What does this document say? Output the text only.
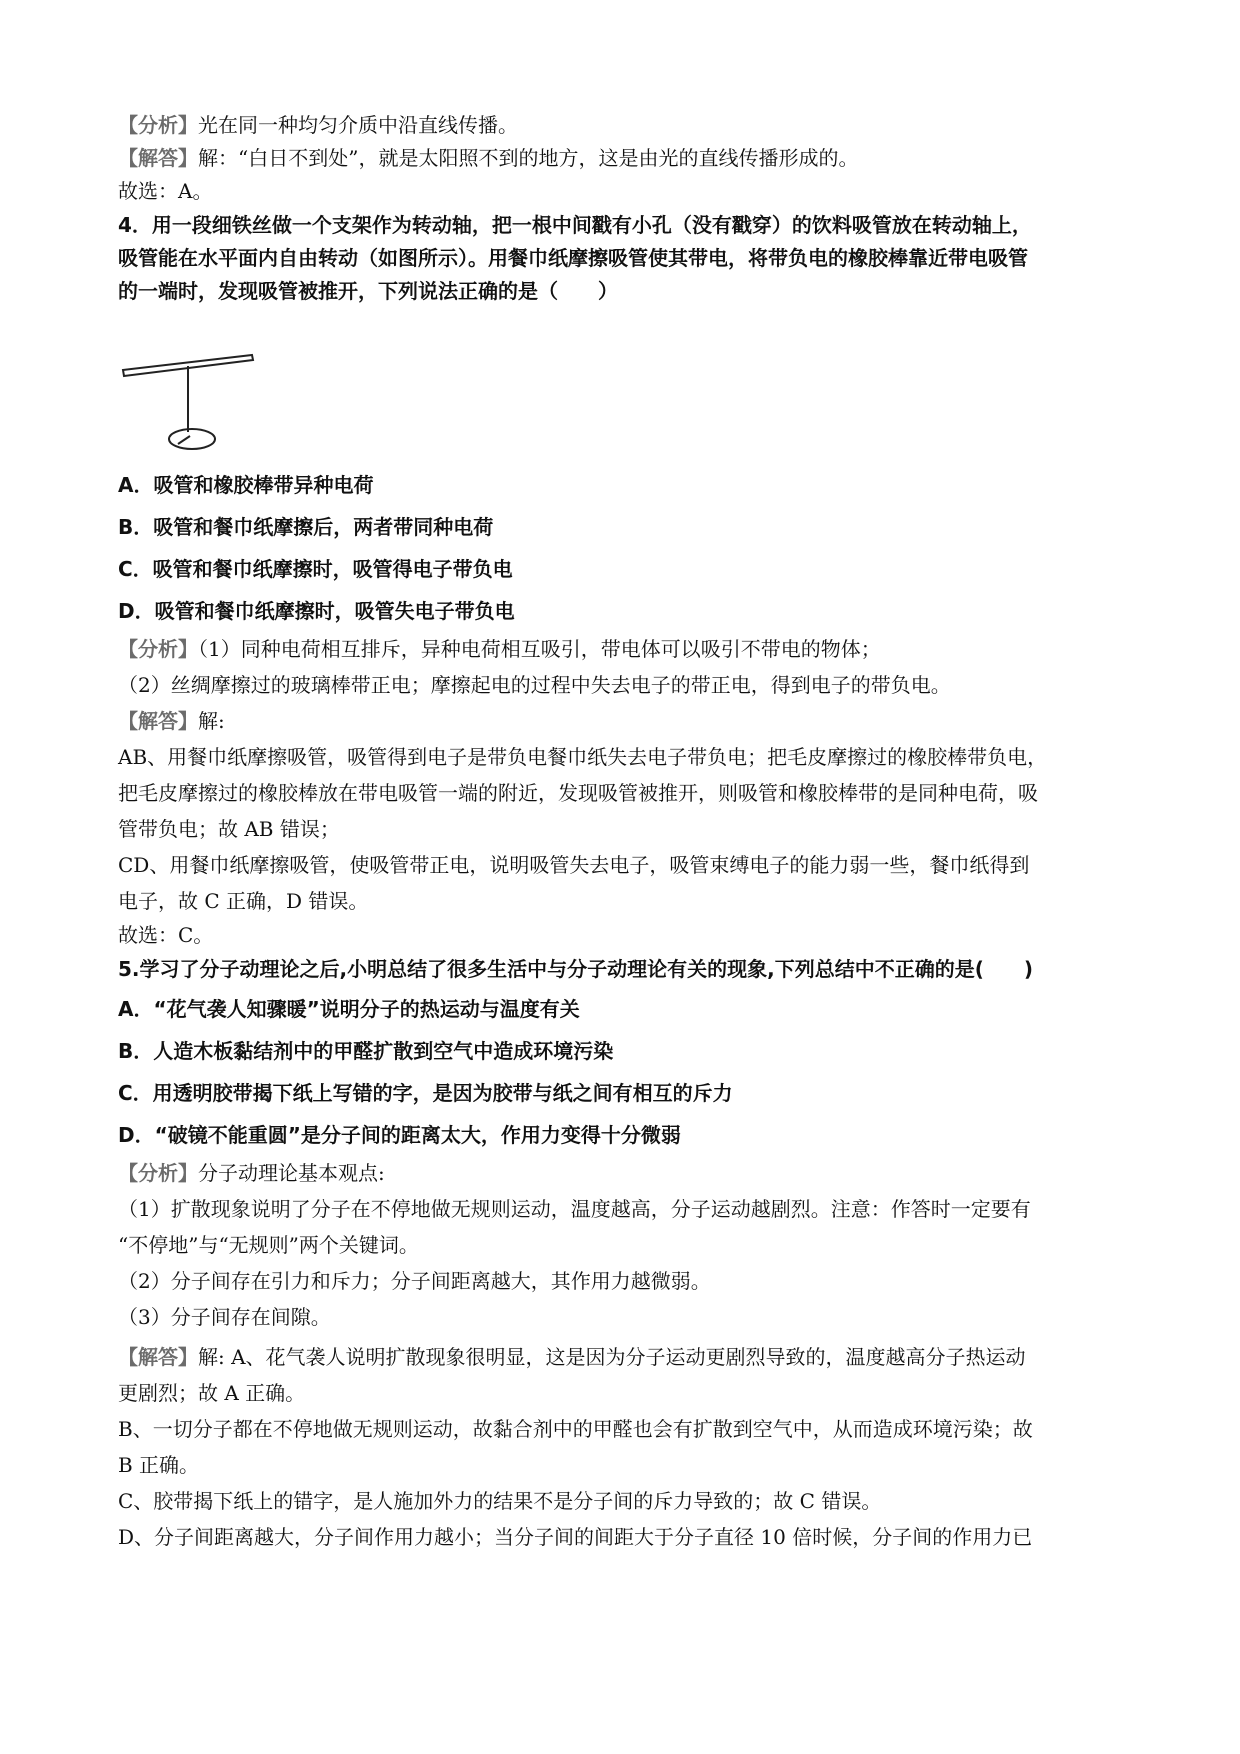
【分析】光在同一种均匀介质中沿直线传播。
【解答】解：“白日不到处”，就是太阳照不到的地方，这是由光的直线传播形成的。
故选：A。
4．用一段细铁丝做一个支架作为转动轴，把一根中间戳有小孔（没有戳穿）的饮料吸管放在转动轴上，
吸管能在水平面内自由转动（如图所示）。用餐巾纸摩擦吸管使其带电，将带负电的橡胶棒靠近带电吸管
的一端时，发现吸管被推开，下列说法正确的是（　　）
A．吸管和橡胶棒带异种电荷
B．吸管和餐巾纸摩擦后，两者带同种电荷
C．吸管和餐巾纸摩擦时，吸管得电子带负电
D．吸管和餐巾纸摩擦时，吸管失电子带负电
【分析】（1）同种电荷相互排斥，异种电荷相互吸引，带电体可以吸引不带电的物体；
（2）丝绸摩擦过的玻璃棒带正电；摩擦起电的过程中失去电子的带正电，得到电子的带负电。
【解答】解:
AB、用餐巾纸摩擦吸管，吸管得到电子是带负电餐巾纸失去电子带负电；把毛皮摩擦过的橡胶棒带负电，
把毛皮摩擦过的橡胶棒放在带电吸管一端的附近，发现吸管被推开，则吸管和橡胶棒带的是同种电荷，吸
管带负电；故 AB 错误；
CD、用餐巾纸摩擦吸管，使吸管带正电，说明吸管失去电子，吸管束缚电子的能力弱一些，餐巾纸得到
电子，故 C 正确，D 错误。
故选：C。
5.学习了分子动理论之后,小明总结了很多生活中与分子动理论有关的现象,下列总结中不正确的是(　　)
A．“花气袭人知骤暖”说明分子的热运动与温度有关
B．人造木板黏结剂中的甲醛扩散到空气中造成环境污染
C．用透明胶带揭下纸上写错的字，是因为胶带与纸之间有相互的斥力
D．“破镜不能重圆”是分子间的距离太大，作用力变得十分微弱
【分析】分子动理论基本观点:
（1）扩散现象说明了分子在不停地做无规则运动，温度越高，分子运动越剧烈。注意：作答时一定要有
“不停地”与“无规则”两个关键词。
（2）分子间存在引力和斥力；分子间距离越大，其作用力越微弱。
（3）分子间存在间隙。
【解答】解: A、花气袭人说明扩散现象很明显，这是因为分子运动更剧烈导致的，温度越高分子热运动
更剧烈；故 A 正确。
B、一切分子都在不停地做无规则运动，故黏合剂中的甲醛也会有扩散到空气中，从而造成环境污染；故
B 正确。
C、胶带揭下纸上的错字，是人施加外力的结果不是分子间的斥力导致的；故 C 错误。
D、分子间距离越大，分子间作用力越小；当分子间的间距大于分子直径 10 倍时候，分子间的作用力已
